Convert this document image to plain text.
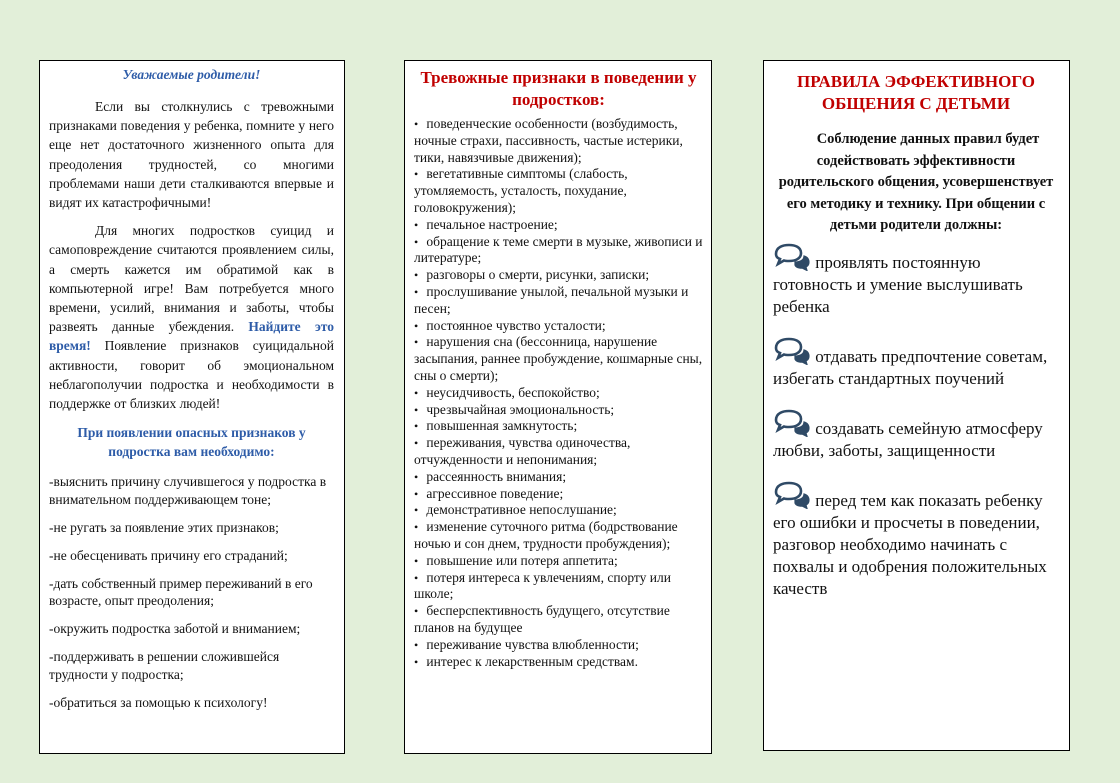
Уважаемые родители!

Если вы столкнулись с тревожными признаками поведения у ребенка, помните у него еще нет достаточного жизненного опыта для преодоления трудностей, со многими проблемами наши дети сталкиваются впервые и видят их катастрофичными!

Для многих подростков суицид и самоповреждение считаются проявлением силы, а смерть кажется им обратимой как в компьютерной игре! Вам потребуется много времени, усилий, внимания и заботы, чтобы развеять данные убеждения. Найдите это время! Появление признаков суицидальной активности, говорит об эмоциональном неблагополучии подростка и необходимости в поддержке от близких людей!

При появлении опасных признаков у подростка вам необходимо:

-выяснить причину случившегося у подростка в внимательном поддерживающем тоне;
-не ругать за появление этих признаков;
-не обесценивать причину его страданий;
-дать собственный пример переживаний в его возрасте, опыт преодоления;
-окружить подростка заботой и вниманием;
-поддерживать в решении сложившейся трудности у подростка;
-обратиться за помощью к психологу!

Тревожные признаки в поведении у подростков:

• поведенческие особенности (возбудимость, ночные страхи, пассивность, частые истерики, тики, навязчивые движения);
• вегетативные симптомы (слабость, утомляемость, усталость, похудание, головокружения);
• печальное настроение;
• обращение к теме смерти в музыке, живописи и литературе;
• разговоры о смерти, рисунки, записки;
• прослушивание унылой, печальной музыки и песен;
• постоянное чувство усталости;
• нарушения сна (бессонница, нарушение засыпания, раннее пробуждение, кошмарные сны, сны о смерти);
• неусидчивость, беспокойство;
• чрезвычайная эмоциональность;
• повышенная замкнутость;
• переживания, чувства одиночества, отчужденности и непонимания;
• рассеянность внимания;
• агрессивное поведение;
• демонстративное непослушание;
• изменение суточного ритма (бодрствование ночью и сон днем, трудности пробуждения);
• повышение или потеря аппетита;
• потеря интереса к увлечениям, спорту или школе;
• бесперспективность будущего, отсутствие планов на будущее
• переживание чувства влюбленности;
• интерес к лекарственным средствам.

ПРАВИЛА ЭФФЕКТИВНОГО ОБЩЕНИЯ С ДЕТЬМИ

Соблюдение данных правил будет содействовать эффективности родительского общения, усовершенствует его методику и технику. При общении с детьми родители должны:

проявлять постоянную готовность и умение выслушивать ребенка
отдавать предпочтение советам, избегать стандартных поучений
создавать семейную атмосферу любви, заботы, защищенности
перед тем как показать ребенку его ошибки и просчеты в поведении, разговор необходимо начинать с похвалы и одобрения положительных качеств
